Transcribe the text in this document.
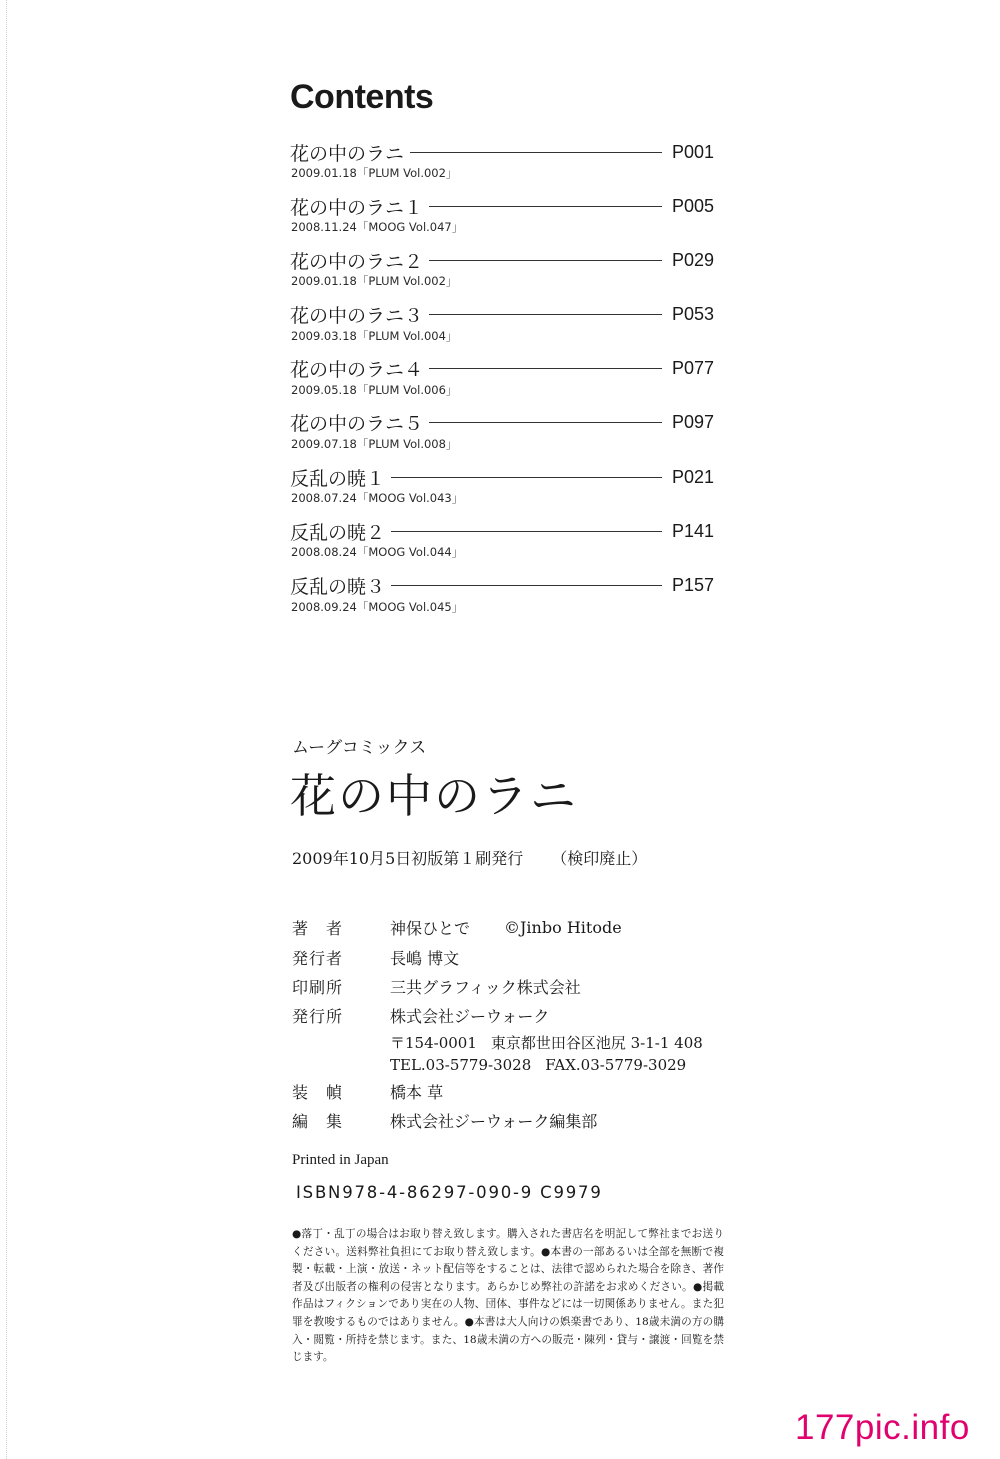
Contents
花の中のラニ	P001
2009.01.18「PLUM Vol.002」
花の中のラニ１	P005
2008.11.24「MOOG Vol.047」
花の中のラニ２	P029
2009.01.18「PLUM Vol.002」
花の中のラニ３	P053
2009.03.18「PLUM Vol.004」
花の中のラニ４	P077
2009.05.18「PLUM Vol.006」
花の中のラニ５	P097
2009.07.18「PLUM Vol.008」
反乱の暁１	P021
2008.07.24「MOOG Vol.043」
反乱の暁２	P141
2008.08.24「MOOG Vol.044」
反乱の暁３	P157
2008.09.24「MOOG Vol.045」
ムーグコミックス
花の中のラニ
2009年10月5日初版第１刷発行 （検印廃止）
著　者	神保ひとで ©Jinbo Hitode
発行者	長嶋 博文
印刷所	三共グラフィック株式会社
発行所	株式会社ジーウォーク
〒154-0001 東京都世田谷区池尻 3-1-1 408
TEL.03-5779-3028 FAX.03-5779-3029
装　幀	橋本 草
編　集	株式会社ジーウォーク編集部
Printed in Japan
ISBN978-4-86297-090-9 C9979
●落丁・乱丁の場合はお取り替え致します。購入された書店名を明記して弊社までお送りください。送料弊社負担にてお取り替え致します。●本書の一部あるいは全部を無断で複製・転載・上演・放送・ネット配信等をすることは、法律で認められた場合を除き、著作者及び出版者の権利の侵害となります。あらかじめ弊社の許諾をお求めください。●掲載作品はフィクションであり実在の人物、団体、事件などには一切関係ありません。また犯罪を教唆するものではありません。●本書は大人向けの娯楽書であり、18歳未満の方の購入・閲覧・所持を禁じます。また、18歳未満の方への販売・陳列・貸与・譲渡・回覧を禁じます。
177pic.info
